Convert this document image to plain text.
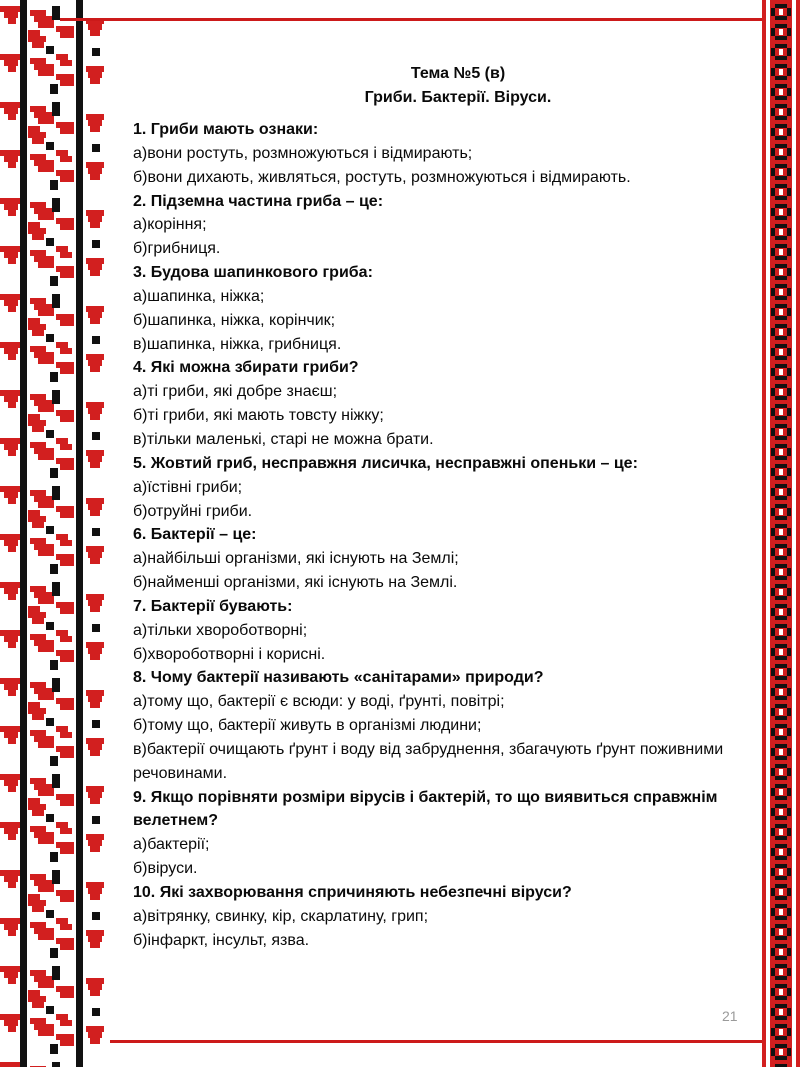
Тема №5 (в)
Гриби. Бактерії. Віруси.
1. Гриби мають ознаки:
а)вони ростуть, розмножуються і відмирають;
б)вони дихають, живляться, ростуть, розмножуються і відмирають.
2. Підземна частина гриба – це:
а)коріння;
б)грибниця.
3. Будова шапинкового гриба:
а)шапинка, ніжка;
б)шапинка, ніжка, корінчик;
в)шапинка, ніжка, грибниця.
4. Які можна збирати гриби?
а)ті гриби, які добре знаєш;
б)ті гриби, які мають товсту ніжку;
в)тільки маленькі, старі не можна брати.
5. Жовтий гриб, несправжня лисичка, несправжні опеньки – це:
а)їстівні гриби;
б)отруйні гриби.
6. Бактерії – це:
а)найбільші організми, які існують на Землі;
б)найменші організми, які існують на Землі.
7. Бактерії бувають:
а)тільки хвороботворні;
б)хвороботворні і корисні.
8. Чому бактерії називають «санітарами» природи?
а)тому що, бактерії є всюди: у воді, ґрунті, повітрі;
б)тому що, бактерії живуть в організмі людини;
в)бактерії очищають ґрунт і воду від забруднення, збагачують ґрунт поживними речовинами.
9. Якщо порівняти розміри вірусів і бактерій, то що виявиться справжнім велетнем?
а)бактерії;
б)віруси.
10. Які захворювання спричиняють небезпечні віруси?
а)вітрянку, свинку, кір, скарлатину, грип;
б)інфаркт, інсульт, язва.
21
